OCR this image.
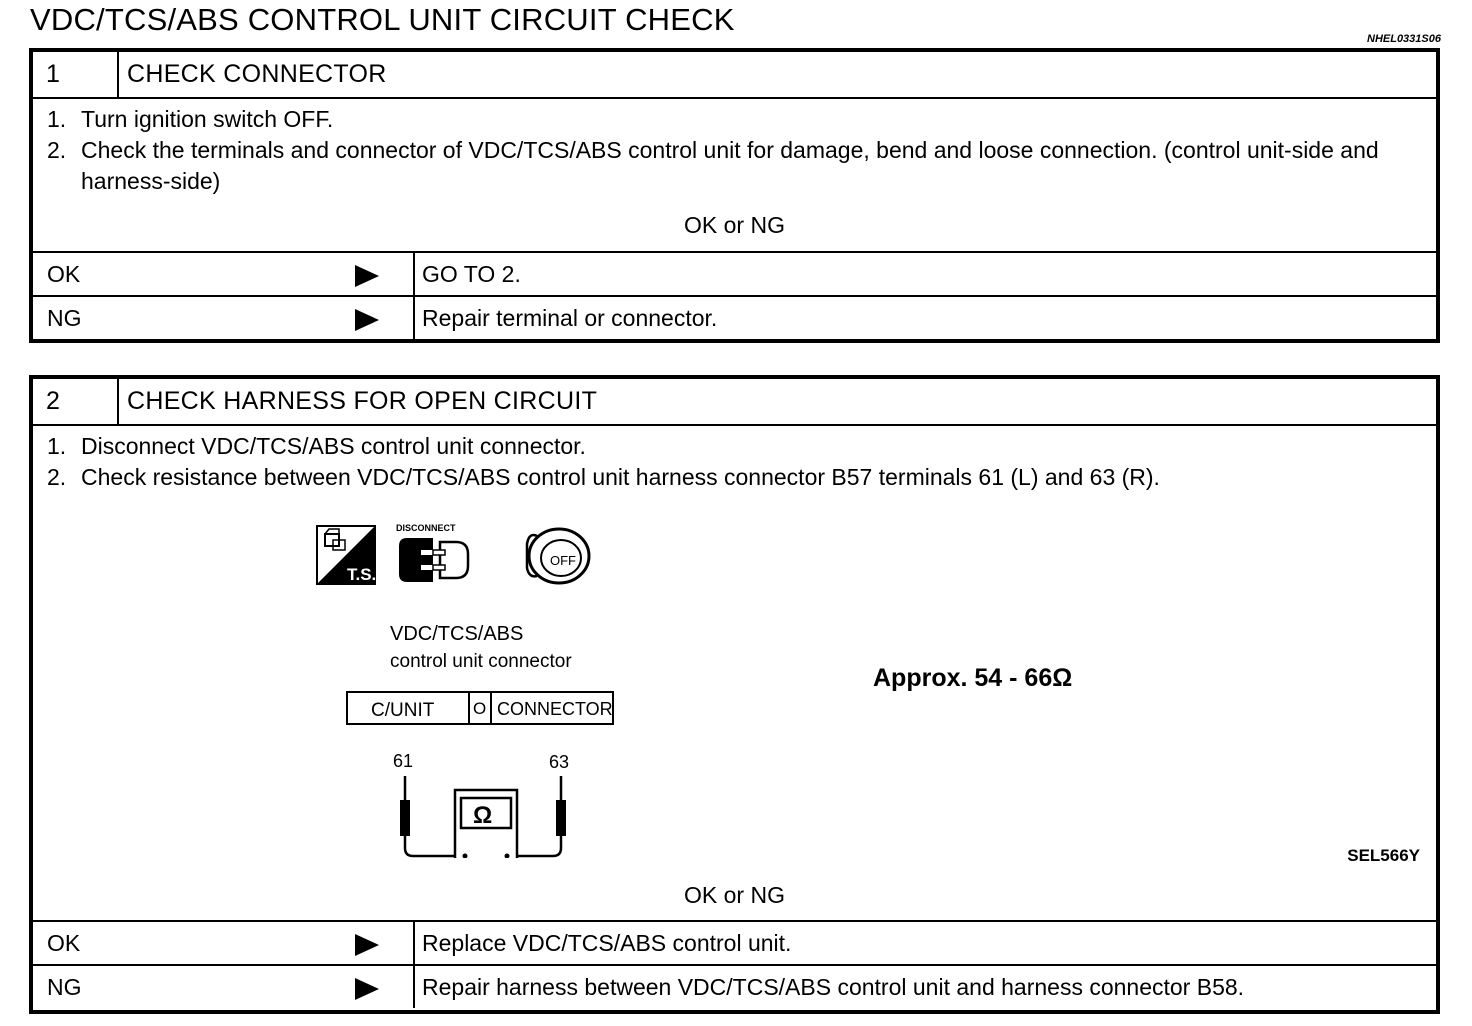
VDC/TCS/ABS CONTROL UNIT CIRCUIT CHECK
NHEL0331S06
1	CHECK CONNECTOR
1. Turn ignition switch OFF.
2. Check the terminals and connector of VDC/TCS/ABS control unit for damage, bend and loose connection. (control unit-side and harness-side)
OK or NG
OK	GO TO 2.
NG	Repair terminal or connector.
2	CHECK HARNESS FOR OPEN CIRCUIT
1. Disconnect VDC/TCS/ABS control unit connector.
2. Check resistance between VDC/TCS/ABS control unit harness connector B57 terminals 61 (L) and 63 (R).
T.S.
DISCONNECT
OFF
VDC/TCS/ABS
control unit connector
C/UNIT O CONNECTOR
61	63
Ω
Approx. 54 - 66Ω
SEL566Y
OK or NG
OK	Replace VDC/TCS/ABS control unit.
NG	Repair harness between VDC/TCS/ABS control unit and harness connector B58.
